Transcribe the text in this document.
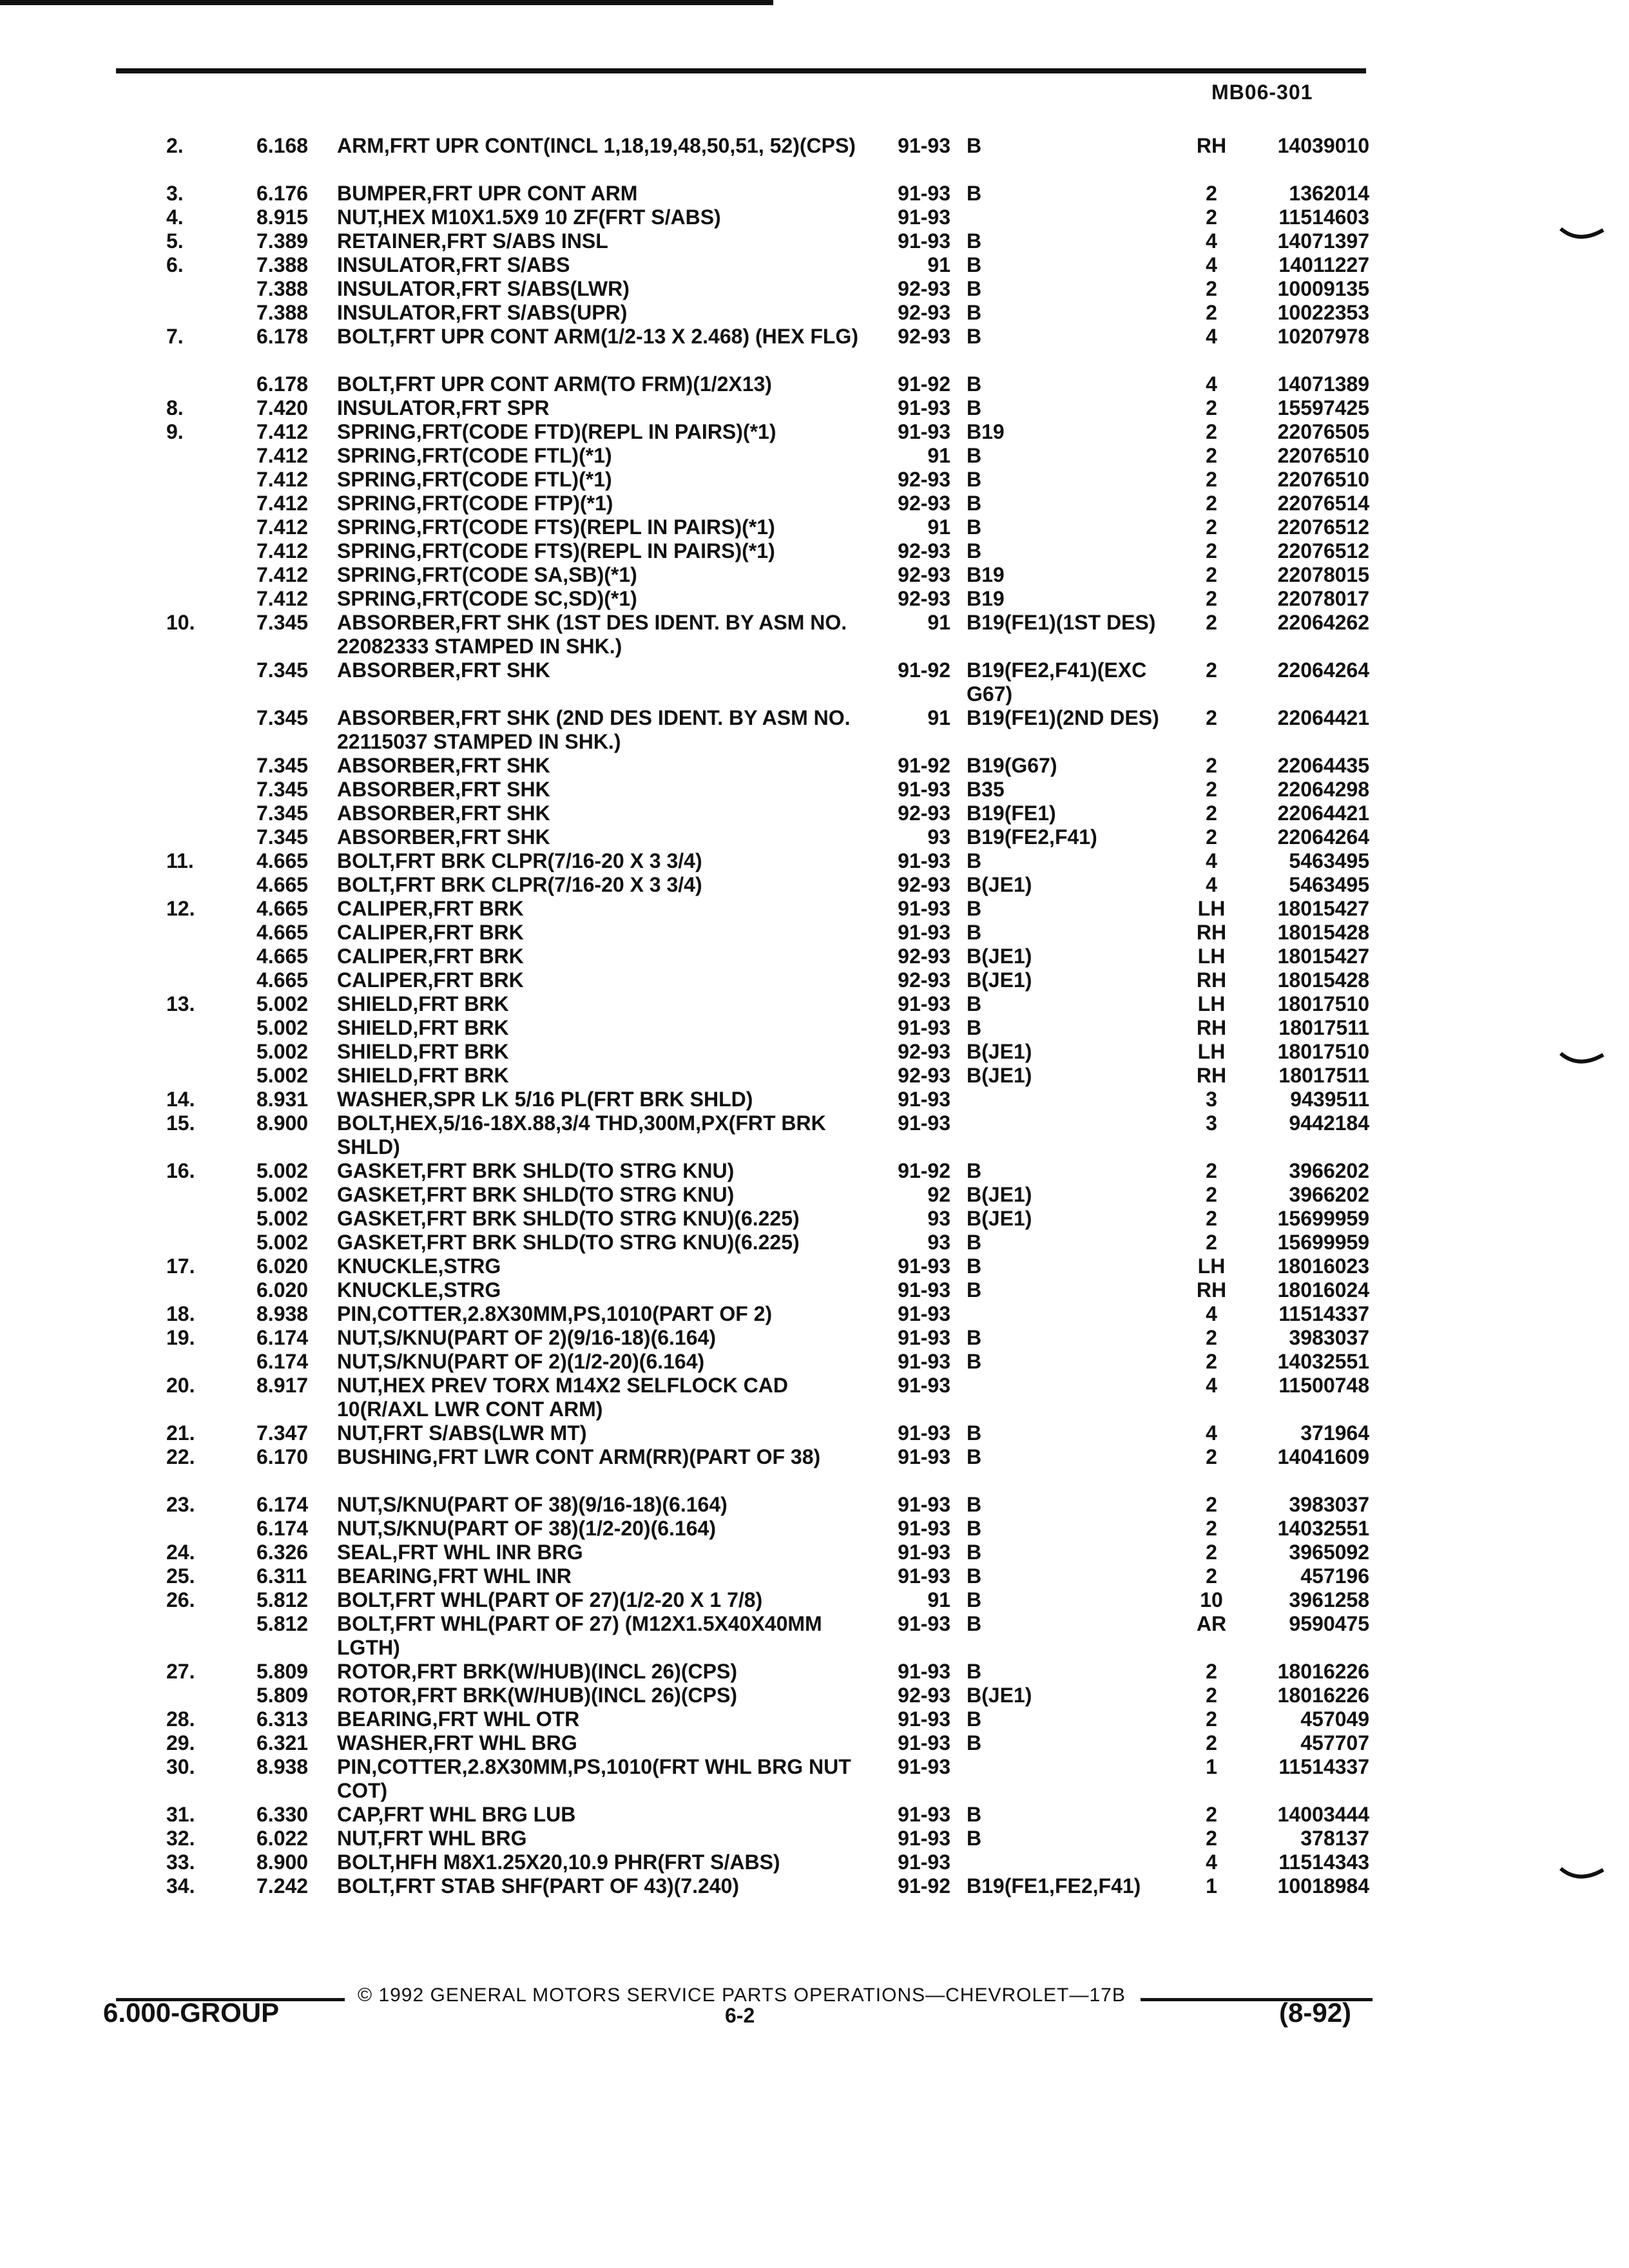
MB06-301
2.	6.168 ARM,FRT UPR CONT(INCL 1,18,19,48,50,51, 52)(CPS)	91-93 B	RH	14039010
3.	6.176 BUMPER,FRT UPR CONT ARM	91-93 B	2	1362014
4.	8.915 NUT,HEX M10X1.5X9 10 ZF(FRT S/ABS)	91-93	2	11514603
5.	7.389 RETAINER,FRT S/ABS INSL	91-93 B	4	14071397
6.	7.388 INSULATOR,FRT S/ABS	91 B	4	14011227
7.388 INSULATOR,FRT S/ABS(LWR)	92-93 B	2	10009135
7.388 INSULATOR,FRT S/ABS(UPR)	92-93 B	2	10022353
7.	6.178 BOLT,FRT UPR CONT ARM(1/2-13 X 2.468) (HEX FLG)	92-93 B	4	10207978
6.178 BOLT,FRT UPR CONT ARM(TO FRM)(1/2X13)	91-92 B	4	14071389
8.	7.420 INSULATOR,FRT SPR	91-93 B	2	15597425
9.	7.412 SPRING,FRT(CODE FTD)(REPL IN PAIRS)(*1)	91-93 B19	2	22076505
7.412 SPRING,FRT(CODE FTL)(*1)	91 B	2	22076510
7.412 SPRING,FRT(CODE FTL)(*1)	92-93 B	2	22076510
7.412 SPRING,FRT(CODE FTP)(*1)	92-93 B	2	22076514
7.412 SPRING,FRT(CODE FTS)(REPL IN PAIRS)(*1)	91 B	2	22076512
7.412 SPRING,FRT(CODE FTS)(REPL IN PAIRS)(*1)	92-93 B	2	22076512
7.412 SPRING,FRT(CODE SA,SB)(*1)	92-93 B19	2	22078015
7.412 SPRING,FRT(CODE SC,SD)(*1)	92-93 B19	2	22078017
10.	7.345 ABSORBER,FRT SHK (1ST DES IDENT. BY ASM NO. 22082333 STAMPED IN SHK.)
91 B19(FE1)(1ST DES)	2	22064262
7.345 ABSORBER,FRT SHK	91-92 B19(FE2,F41)(EXC G67)
2	22064264
7.345 ABSORBER,FRT SHK (2ND DES IDENT. BY ASM NO. 22115037 STAMPED IN SHK.)
91 B19(FE1)(2ND DES)	2	22064421
7.345 ABSORBER,FRT SHK	91-92 B19(G67)	2	22064435
7.345 ABSORBER,FRT SHK	91-93 B35	2	22064298
7.345 ABSORBER,FRT SHK	92-93 B19(FE1)	2	22064421
7.345 ABSORBER,FRT SHK	93 B19(FE2,F41)	2	22064264
11.	4.665 BOLT,FRT BRK CLPR(7/16-20 X 3 3/4)	91-93 B	4	5463495
4.665 BOLT,FRT BRK CLPR(7/16-20 X 3 3/4)	92-93 B(JE1)	4	5463495
12.	4.665 CALIPER,FRT BRK	91-93 B	LH	18015427
4.665 CALIPER,FRT BRK	91-93 B	RH	18015428
4.665 CALIPER,FRT BRK	92-93 B(JE1)	LH	18015427
4.665 CALIPER,FRT BRK	92-93 B(JE1)	RH	18015428
13.	5.002 SHIELD,FRT BRK	91-93 B	LH	18017510
5.002 SHIELD,FRT BRK	91-93 B	RH	18017511
5.002 SHIELD,FRT BRK	92-93 B(JE1)	LH	18017510
5.002 SHIELD,FRT BRK	92-93 B(JE1)	RH	18017511
14.	8.931 WASHER,SPR LK 5/16 PL(FRT BRK SHLD)	91-93	3	9439511
15.	8.900 BOLT,HEX,5/16-18X.88,3/4 THD,300M,PX(FRT BRK SHLD)
91-93	3	9442184
16.	5.002 GASKET,FRT BRK SHLD(TO STRG KNU)	91-92 B	2	3966202
5.002 GASKET,FRT BRK SHLD(TO STRG KNU)	92 B(JE1)	2	3966202
5.002 GASKET,FRT BRK SHLD(TO STRG KNU)(6.225)	93 B(JE1)	2	15699959
5.002 GASKET,FRT BRK SHLD(TO STRG KNU)(6.225)	93 B	2	15699959
17.	6.020 KNUCKLE,STRG	91-93 B	LH	18016023
6.020 KNUCKLE,STRG	91-93 B	RH	18016024
18.	8.938 PIN,COTTER,2.8X30MM,PS,1010(PART OF 2)	91-93	4	11514337
19.	6.174 NUT,S/KNU(PART OF 2)(9/16-18)(6.164)	91-93 B	2	3983037
6.174 NUT,S/KNU(PART OF 2)(1/2-20)(6.164)	91-93 B	2	14032551
20.	8.917 NUT,HEX PREV TORX M14X2 SELFLOCK CAD 10(R/AXL LWR CONT ARM)
91-93	4	11500748
21.	7.347 NUT,FRT S/ABS(LWR MT)	91-93 B	4	371964
22.	6.170 BUSHING,FRT LWR CONT ARM(RR)(PART OF 38)	91-93 B	2	14041609
23.	6.174 NUT,S/KNU(PART OF 38)(9/16-18)(6.164)	91-93 B	2	3983037
6.174 NUT,S/KNU(PART OF 38)(1/2-20)(6.164)	91-93 B	2	14032551
24.	6.326 SEAL,FRT WHL INR BRG	91-93 B	2	3965092
25.	6.311 BEARING,FRT WHL INR	91-93 B	2	457196
26.	5.812 BOLT,FRT WHL(PART OF 27)(1/2-20 X 1 7/8)	91 B	10	3961258
5.812 BOLT,FRT WHL(PART OF 27) (M12X1.5X40X40MM LGTH)
91-93 B	AR	9590475
27.	5.809 ROTOR,FRT BRK(W/HUB)(INCL 26)(CPS)	91-93 B	2	18016226
5.809 ROTOR,FRT BRK(W/HUB)(INCL 26)(CPS)	92-93 B(JE1)	2	18016226
28.	6.313 BEARING,FRT WHL OTR	91-93 B	2	457049
29.	6.321 WASHER,FRT WHL BRG	91-93 B	2	457707
30.	8.938 PIN,COTTER,2.8X30MM,PS,1010(FRT WHL BRG NUT COT)
91-93	1	11514337
31.	6.330 CAP,FRT WHL BRG LUB	91-93 B	2	14003444
32.	6.022 NUT,FRT WHL BRG	91-93 B	2	378137
33.	8.900 BOLT,HFH M8X1.25X20,10.9 PHR(FRT S/ABS)	91-93	4	11514343
34.	7.242 BOLT,FRT STAB SHF(PART OF 43)(7.240)	91-92 B19(FE1,FE2,F41)	1	10018984
© 1992 GENERAL MOTORS SERVICE PARTS OPERATIONS—CHEVROLET—17B
6.000-GROUP	6-2	(8-92)
